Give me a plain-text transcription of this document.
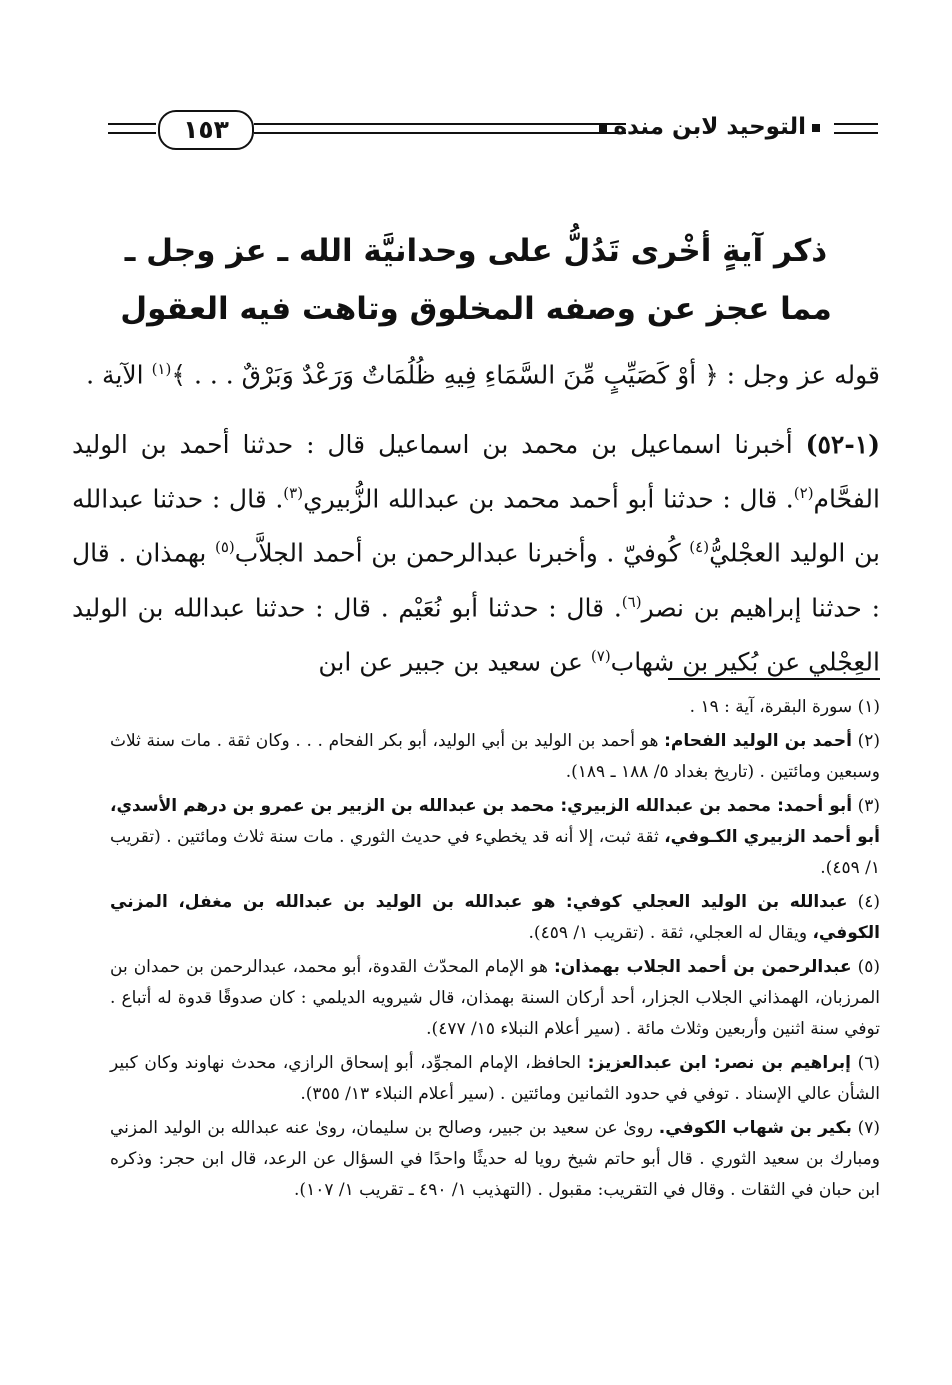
١٥٣	التوحيد لابن منده
ذكر آيةٍ أخْرى تَدُلُّ على وحدانيَّة الله ـ عز وجل ـ
مما عجز عن وصفه المخلوق وتاهت فيه العقول
قوله عز وجل : ﴿ أوْ كَصَيِّبٍ مِّنَ السَّمَاءِ فِيهِ ظُلُمَاتٌ وَرَعْدٌ وَبَرْقٌ . . . ﴾$^{(١)}$ الآية .
(١-٥٢) أخبرنا اسماعيل بن محمد بن اسماعيل قال : حدثنا أحمد بن الوليد الفحَّام$^{(٢)}$. قال : حدثنا أبو أحمد محمد بن عبدالله الزُّبيري$^{(٣)}$. قال : حدثنا عبدالله بن الوليد العجْليُّ$^{(٤)}$ كُوفيّ . وأخبرنا عبدالرحمن بن أحمد الجلاَّب$^{(٥)}$ بهمذان . قال : حدثنا إبراهيم بن نصر$^{(٦)}$. قال : حدثنا أبو نُعَيْم . قال : حدثنا عبدالله بن الوليد العِجْلي عن بُكير بن شهاب$^{(٧)}$ عن سعيد بن جبير عن ابن
(١) سورة البقرة، آية : ١٩ .
(٢) أحمد بن الوليد الفحام: هو أحمد بن الوليد بن أبي الوليد، أبو بكر الفحام . . . وكان ثقة . مات سنة ثلاث وسبعين ومائتين . (تاريخ بغداد ٥/ ١٨٨ ـ ١٨٩).
(٣) أبو أحمد: محمد بن عبدالله الزبيري: محمد بن عبدالله بن الزبير بن عمرو بن درهم الأسدي، أبو أحمد الزبيري الكـوفي، ثقة ثبت، إلا أنه قد يخطيء في حديث الثوري . مات سنة ثلاث ومائتين . (تقريب ١/ ٤٥٩).
(٤) عبدالله بن الوليد العجلي كوفي: هو عبدالله بن الوليد بن عبدالله بن مغفل، المزني الكوفي، ويقال له العجلي، ثقة . (تقريب ١/ ٤٥٩).
(٥) عبدالرحمن بن أحمد الجلاب بهمذان: هو الإمام المحدّث القدوة، أبو محمد، عبدالرحمن بن حمدان بن المرزبان، الهمذاني الجلاب الجزار، أحد أركان السنة بهمذان، قال شيرويه الديلمي : كان صدوقًا قدوة له أتباع . توفي سنة اثنين وأربعين وثلاث مائة . (سير أعلام النبلاء ١٥/ ٤٧٧).
(٦) إبراهيم بن نصر: ابن عبدالعزيز: الحافظ، الإمام المجوِّد، أبو إسحاق الرازي، محدث نهاوند وكان كبير الشأن عالي الإسناد . توفي في حدود الثمانين ومائتين . (سير أعلام النبلاء ١٣/ ٣٥٥).
(٧) بكير بن شهاب الكوفي. روىٰ عن سعيد بن جبير، وصالح بن سليمان، روىٰ عنه عبدالله بن الوليد المزني ومبارك بن سعيد الثوري . قال أبو حاتم شيخ رويا له حديثًا واحدًا في السؤال عن الرعد، قال ابن حجر: وذكره ابن حبان في الثقات . وقال في التقريب: مقبول . (التهذيب ١/ ٤٩٠ ـ تقريب ١/ ١٠٧).
